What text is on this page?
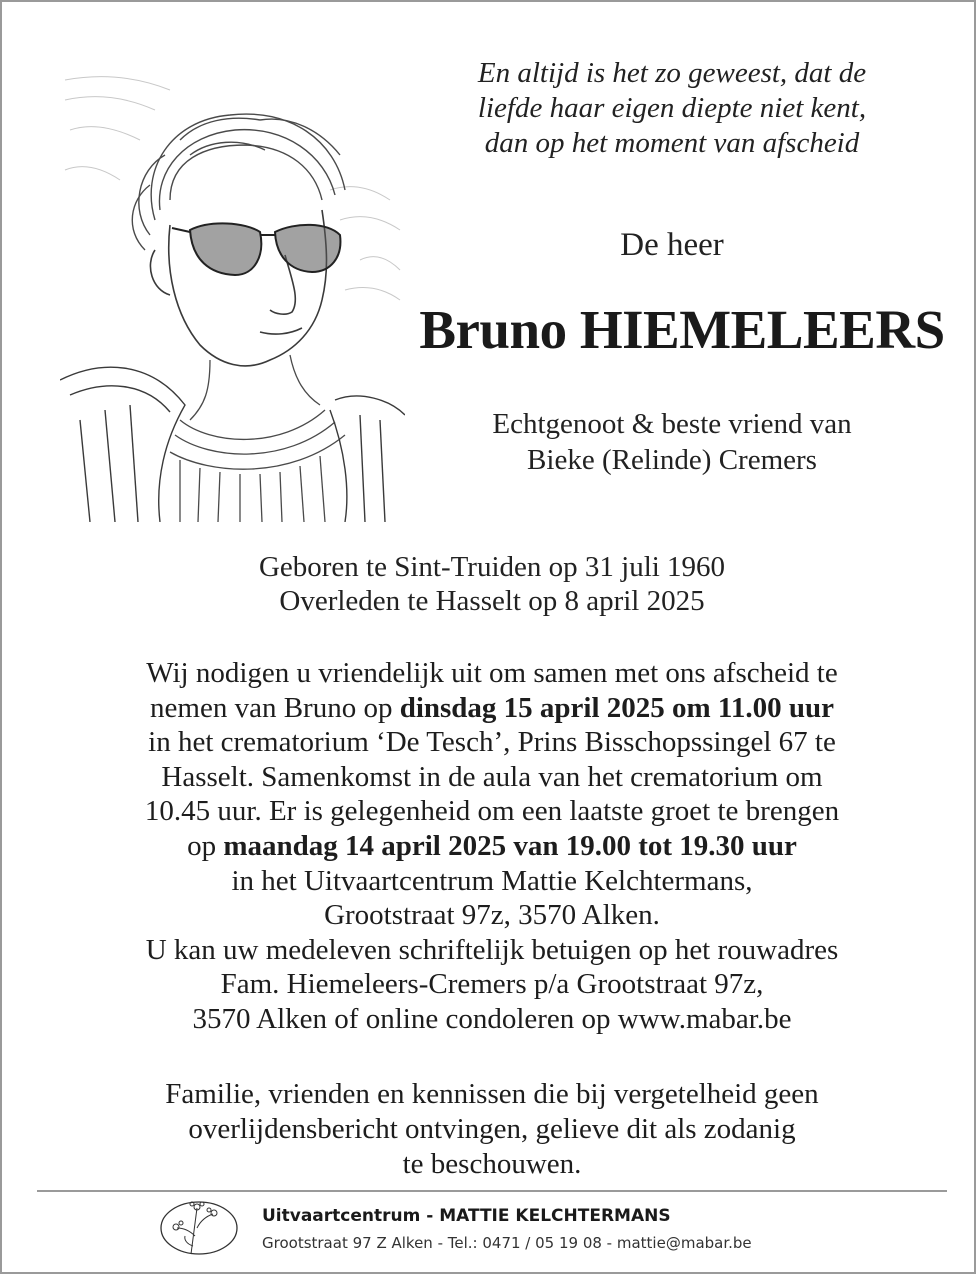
En altijd is het zo geweest, dat de
liefde haar eigen diepte niet kent,
dan op het moment van afscheid
De heer
Bruno HIEMELEERS
Echtgenoot & beste vriend van
Bieke (Relinde) Cremers
Geboren te Sint-Truiden op 31 juli 1960
Overleden te Hasselt op 8 april 2025
Wij nodigen u vriendelijk uit om samen met ons afscheid te
nemen van Bruno op dinsdag 15 april 2025 om 11.00 uur
in het crematorium ‘De Tesch’, Prins Bisschopssingel 67 te
Hasselt. Samenkomst in de aula van het crematorium om
10.45 uur. Er is gelegenheid om een laatste groet te brengen
op maandag 14 april 2025 van 19.00 tot 19.30 uur
in het Uitvaartcentrum Mattie Kelchtermans,
Grootstraat 97z, 3570 Alken.
U kan uw medeleven schriftelijk betuigen op het rouwadres
Fam. Hiemeleers-Cremers p/a Grootstraat 97z,
3570 Alken of online condoleren op www.mabar.be
Familie, vrienden en kennissen die bij vergetelheid geen
overlijdensbericht ontvingen, gelieve dit als zodanig
te beschouwen.
Uitvaartcentrum - MATTIE KELCHTERMANS
Grootstraat 97 Z Alken - Tel.: 0471 / 05 19 08 - mattie@mabar.be
